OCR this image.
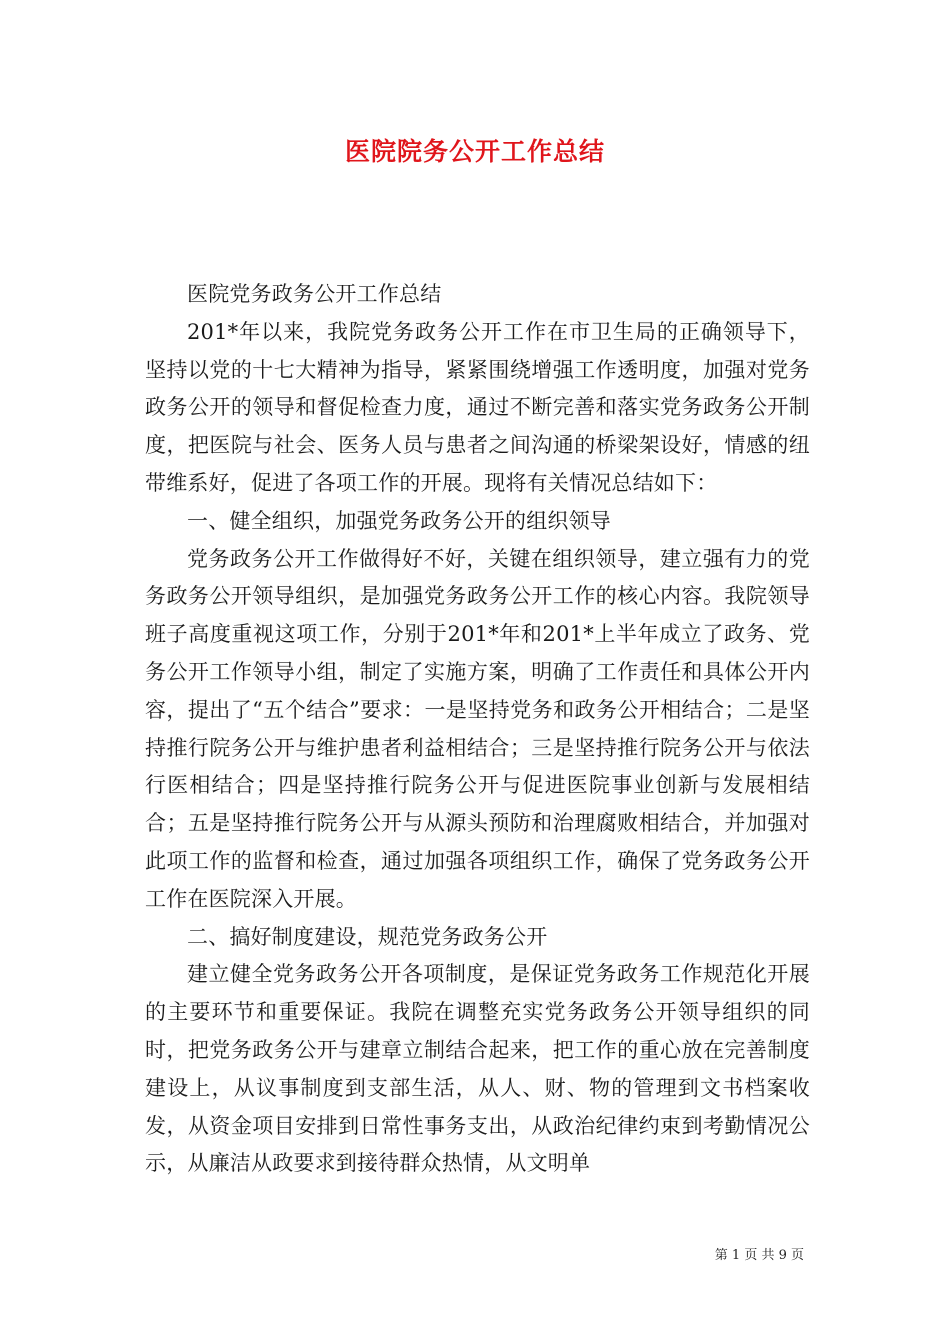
医院院务公开工作总结

医院党务政务公开工作总结

201*年以来，我院党务政务公开工作在市卫生局的正确领导下，坚持以党的十七大精神为指导，紧紧围绕增强工作透明度，加强对党务政务公开的领导和督促检查力度，通过不断完善和落实党务政务公开制度，把医院与社会、医务人员与患者之间沟通的桥梁架设好，情感的纽带维系好，促进了各项工作的开展。现将有关情况总结如下：

一、健全组织，加强党务政务公开的组织领导

党务政务公开工作做得好不好，关键在组织领导，建立强有力的党务政务公开领导组织，是加强党务政务公开工作的核心内容。我院领导班子高度重视这项工作，分别于201*年和201*上半年成立了政务、党务公开工作领导小组，制定了实施方案，明确了工作责任和具体公开内容，提出了“五个结合”要求：一是坚持党务和政务公开相结合；二是坚持推行院务公开与维护患者利益相结合；三是坚持推行院务公开与依法行医相结合；四是坚持推行院务公开与促进医院事业创新与发展相结合；五是坚持推行院务公开与从源头预防和治理腐败相结合，并加强对此项工作的监督和检查，通过加强各项组织工作，确保了党务政务公开工作在医院深入开展。

二、搞好制度建设，规范党务政务公开

建立健全党务政务公开各项制度，是保证党务政务工作规范化开展的主要环节和重要保证。我院在调整充实党务政务公开领导组织的同时，把党务政务公开与建章立制结合起来，把工作的重心放在完善制度建设上，从议事制度到支部生活，从人、财、物的管理到文书档案收发，从资金项目安排到日常性事务支出，从政治纪律约束到考勤情况公示，从廉洁从政要求到接待群众热情，从文明单

第 1 页 共 9 页
